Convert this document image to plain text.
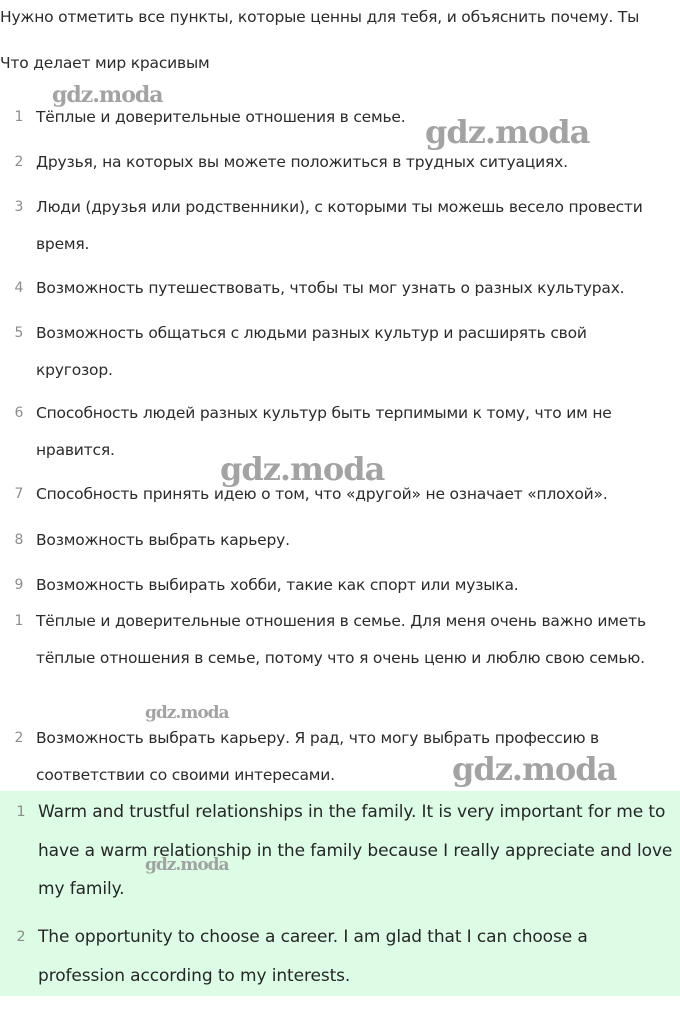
Нужно отметить все пункты, которые ценны для тебя, и объяснить почему. Ты
Что делает мир красивым
1 Тёплые и доверительные отношения в семье.
2 Друзья, на которых вы можете положиться в трудных ситуациях.
3 Люди (друзья или родственники), с которыми ты можешь весело провести время.
4 Возможность путешествовать, чтобы ты мог узнать о разных культурах.
5 Возможность общаться с людьми разных культур и расширять свой кругозор.
6 Способность людей разных культур быть терпимыми к тому, что им не нравится.
7 Способность принять идею о том, что «другой» не означает «плохой».
8 Возможность выбрать карьеру.
9 Возможность выбирать хобби, такие как спорт или музыка.
1 Тёплые и доверительные отношения в семье. Для меня очень важно иметь тёплые отношения в семье, потому что я очень ценю и люблю свою семью.
2 Возможность выбрать карьеру. Я рад, что могу выбрать профессию в соответствии со своими интересами.
1 Warm and trustful relationships in the family. It is very important for me to have a warm relationship in the family because I really appreciate and love my family.
2 The opportunity to choose a career. I am glad that I can choose a profession according to my interests.
gdz.moda
gdz.moda
gdz.moda
gdz.moda
gdz.moda
gdz.moda
